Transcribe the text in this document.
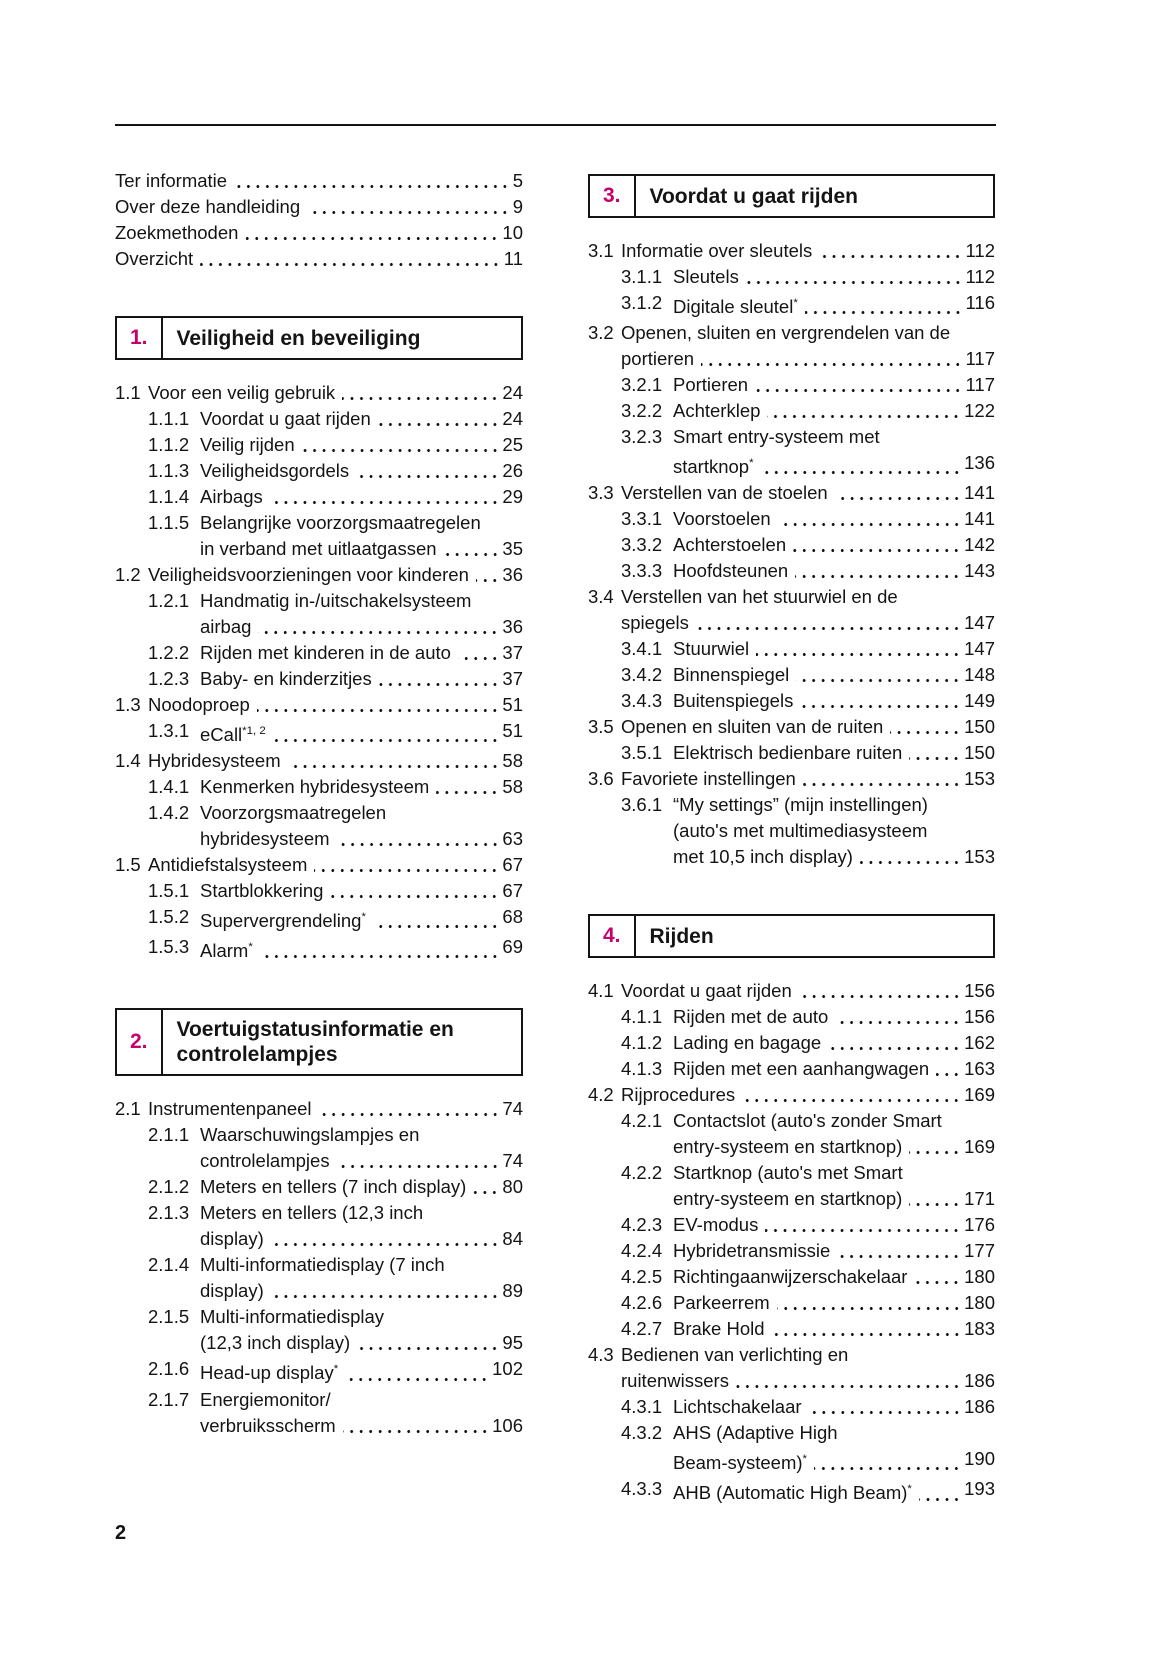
Ter informatie	5
Over deze handleiding	9
Zoekmethoden	10
Overzicht	11
1.	Veiligheid en beveiliging
1.1 Voor een veilig gebruik	24
1.1.1 Voordat u gaat rijden	24
1.1.2 Veilig rijden	25
1.1.3 Veiligheidsgordels	26
1.1.4 Airbags	29
1.1.5 Belangrijke voorzorgsmaatregelen
in verband met uitlaatgassen	35
1.2 Veiligheidsvoorzieningen voor kinderen 36
1.2.1 Handmatig in-/uitschakelsysteem
airbag	36
1.2.2 Rijden met kinderen in de auto	37
1.2.3 Baby- en kinderzitjes	37
1.3 Noodoproep	51
1.3.1 eCall$^{*1, 2}$	51
1.4 Hybridesysteem	58
1.4.1 Kenmerken hybridesysteem	58
1.4.2 Voorzorgsmaatregelen
hybridesysteem	63
1.5 Antidiefstalsysteem	67
1.5.1 Startblokkering	67
1.5.2 Supervergrendeling*	68
1.5.3 Alarm*	69
2.
Voertuigstatusinformatie en
controlelampjes
2.1 Instrumentenpaneel	74
2.1.1 Waarschuwingslampjes en
controlelampjes	74
2.1.2 Meters en tellers (7 inch display) 80
2.1.3 Meters en tellers (12,3 inch
display)	84
2.1.4 Multi-informatiedisplay (7 inch
display)	89
2.1.5 Multi-informatiedisplay
(12,3 inch display)	95
2.1.6 Head-up display*	102
2.1.7 Energiemonitor/
verbruiksscherm	106
3.	Voordat u gaat rijden
3.1 Informatie over sleutels	112
3.1.1 Sleutels	112
3.1.2 Digitale sleutel*	116
3.2 Openen, sluiten en vergrendelen van de
portieren	117
3.2.1 Portieren	117
3.2.2 Achterklep	122
3.2.3 Smart entry-systeem met
startknop*	136
3.3 Verstellen van de stoelen	141
3.3.1 Voorstoelen	141
3.3.2 Achterstoelen	142
3.3.3 Hoofdsteunen	143
3.4 Verstellen van het stuurwiel en de
spiegels	147
3.4.1 Stuurwiel	147
3.4.2 Binnenspiegel	148
3.4.3 Buitenspiegels	149
3.5 Openen en sluiten van de ruiten	150
3.5.1 Elektrisch bedienbare ruiten	150
3.6 Favoriete instellingen	153
3.6.1 “My settings” (mijn instellingen)
(auto's met multimediasysteem
met 10,5 inch display)	153
4.	Rijden
4.1 Voordat u gaat rijden	156
4.1.1 Rijden met de auto	156
4.1.2 Lading en bagage	162
4.1.3 Rijden met een aanhangwagen 163
4.2 Rijprocedures	169
4.2.1 Contactslot (auto's zonder Smart
entry-systeem en startknop)	169
4.2.2 Startknop (auto's met Smart
entry-systeem en startknop)	171
4.2.3 EV-modus	176
4.2.4 Hybridetransmissie	177
4.2.5 Richtingaanwijzerschakelaar	180
4.2.6 Parkeerrem	180
4.2.7 Brake Hold	183
4.3 Bedienen van verlichting en
ruitenwissers	186
4.3.1 Lichtschakelaar	186
4.3.2 AHS (Adaptive High
Beam-systeem)*	190
4.3.3 AHB (Automatic High Beam)*	193
2
